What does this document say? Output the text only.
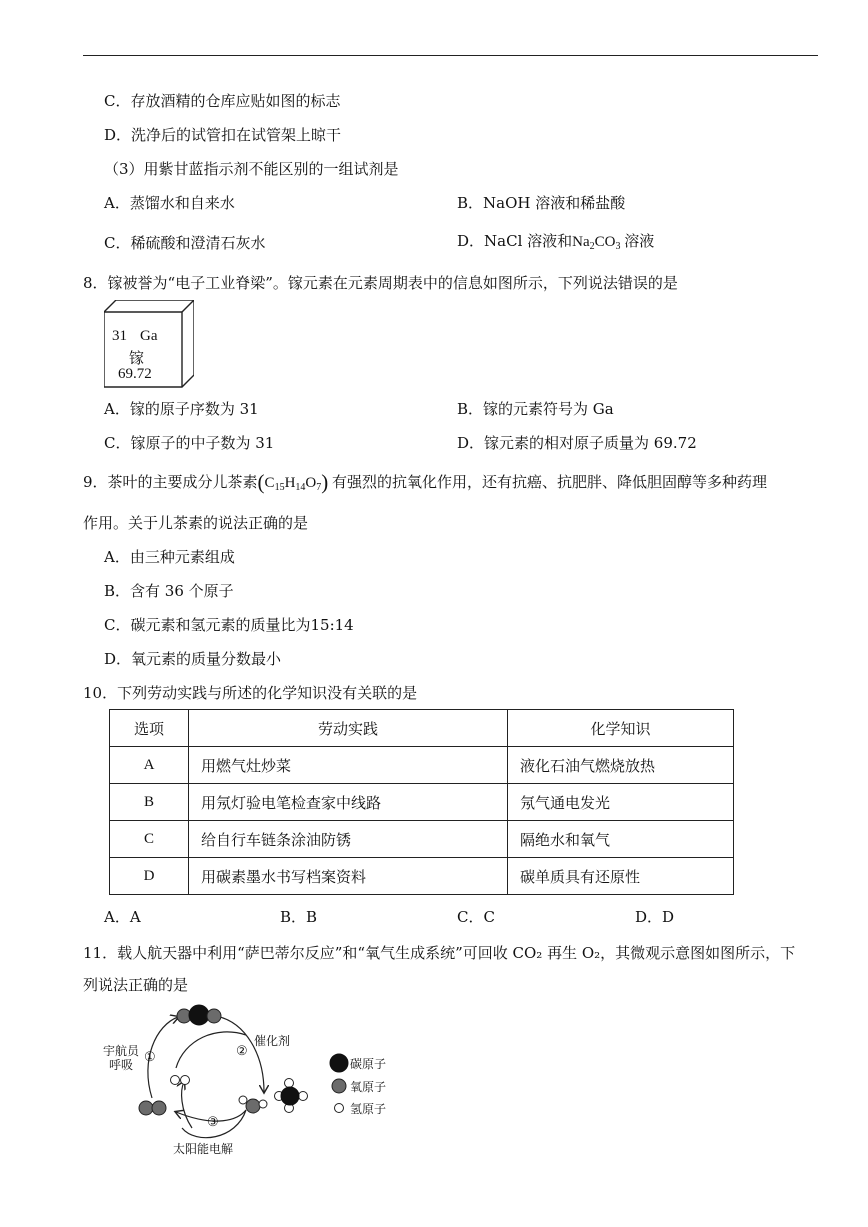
C．存放酒精的仓库应贴如图的标志
D．洗净后的试管扣在试管架上晾干
（3）用紫甘蓝指示剂不能区别的一组试剂是
A．蒸馏水和自来水	B．NaOH 溶液和稀盐酸
C．稀硫酸和澄清石灰水	D．NaCl 溶液和$Na_2CO_3$ 溶液
8．镓被誉为“电子工业脊梁”。镓元素在元素周期表中的信息如图所示，下列说法错误的是
31 Ga
镓
69.72
A．镓的原子序数为 31	B．镓的元素符号为 Ga
C．镓原子的中子数为 31	D．镓元素的相对原子质量为 69.72
9．茶叶的主要成分儿茶素$(C_{15}H_{14}O_7)$ 有强烈的抗氧化作用，还有抗癌、抗肥胖、降低胆固醇等多种药理
作用。关于儿茶素的说法正确的是
A．由三种元素组成
B．含有 36 个原子
C．碳元素和氢元素的质量比为15:14
D．氧元素的质量分数最小
10．下列劳动实践与所述的化学知识没有关联的是
选项	劳动实践	化学知识
A	用燃气灶炒菜	液化石油气燃烧放热
B	用氖灯验电笔检查家中线路	氖气通电发光
C	给自行车链条涂油防锈	隔绝水和氧气
D	用碳素墨水书写档案资料	碳单质具有还原性
A．A	B．B	C．C	D．D
11．载人航天器中利用“萨巴蒂尔反应”和“氧气生成系统”可回收 CO₂ 再生 O₂，其微观示意图如图所示，下
列说法正确的是
宇航员
呼吸 ①	②
催化剂
③
太阳能电解
碳原子
氧原子
氢原子
